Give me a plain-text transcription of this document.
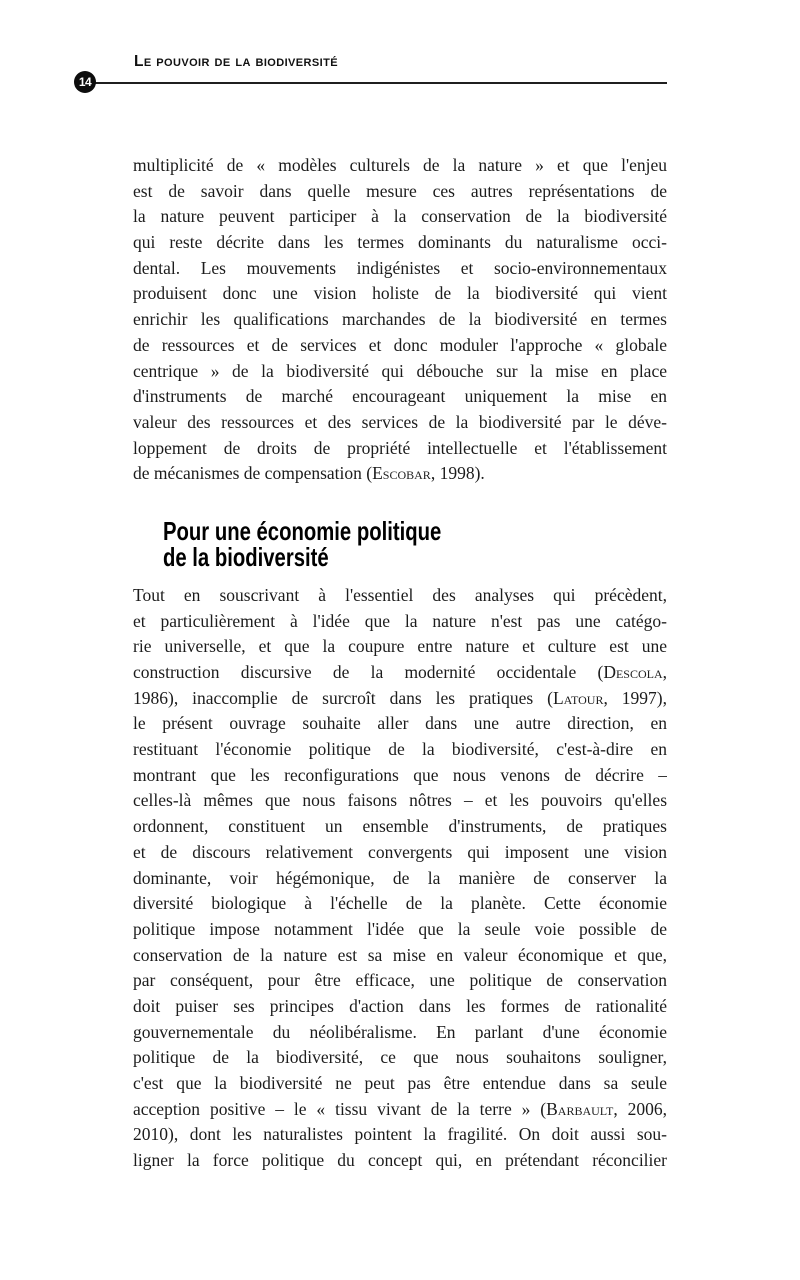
14
Le pouvoir de la biodiversité
multiplicité de « modèles culturels de la nature » et que l'enjeu
est de savoir dans quelle mesure ces autres représentations de
la nature peuvent participer à la conservation de la biodiversité
qui reste décrite dans les termes dominants du naturalisme occi-
dental. Les mouvements indigénistes et socio-environnementaux
produisent donc une vision holiste de la biodiversité qui vient
enrichir les qualifications marchandes de la biodiversité en termes
de ressources et de services et donc moduler l'approche « globale
centrique » de la biodiversité qui débouche sur la mise en place
d'instruments de marché encourageant uniquement la mise en
valeur des ressources et des services de la biodiversité par le déve-
loppement de droits de propriété intellectuelle et l'établissement
de mécanismes de compensation (Escobar, 1998).
Pour une économie politique
de la biodiversité
Tout en souscrivant à l'essentiel des analyses qui précèdent,
et particulièrement à l'idée que la nature n'est pas une catégo-
rie universelle, et que la coupure entre nature et culture est une
construction discursive de la modernité occidentale (Descola,
1986), inaccomplie de surcroît dans les pratiques (Latour, 1997),
le présent ouvrage souhaite aller dans une autre direction, en
restituant l'économie politique de la biodiversité, c'est-à-dire en
montrant que les reconfigurations que nous venons de décrire –
celles-là mêmes que nous faisons nôtres – et les pouvoirs qu'elles
ordonnent, constituent un ensemble d'instruments, de pratiques
et de discours relativement convergents qui imposent une vision
dominante, voir hégémonique, de la manière de conserver la
diversité biologique à l'échelle de la planète. Cette économie
politique impose notamment l'idée que la seule voie possible de
conservation de la nature est sa mise en valeur économique et que,
par conséquent, pour être efficace, une politique de conservation
doit puiser ses principes d'action dans les formes de rationalité
gouvernementale du néolibéralisme. En parlant d'une économie
politique de la biodiversité, ce que nous souhaitons souligner,
c'est que la biodiversité ne peut pas être entendue dans sa seule
acception positive – le « tissu vivant de la terre » (Barbault, 2006,
2010), dont les naturalistes pointent la fragilité. On doit aussi sou-
ligner la force politique du concept qui, en prétendant réconcilier
